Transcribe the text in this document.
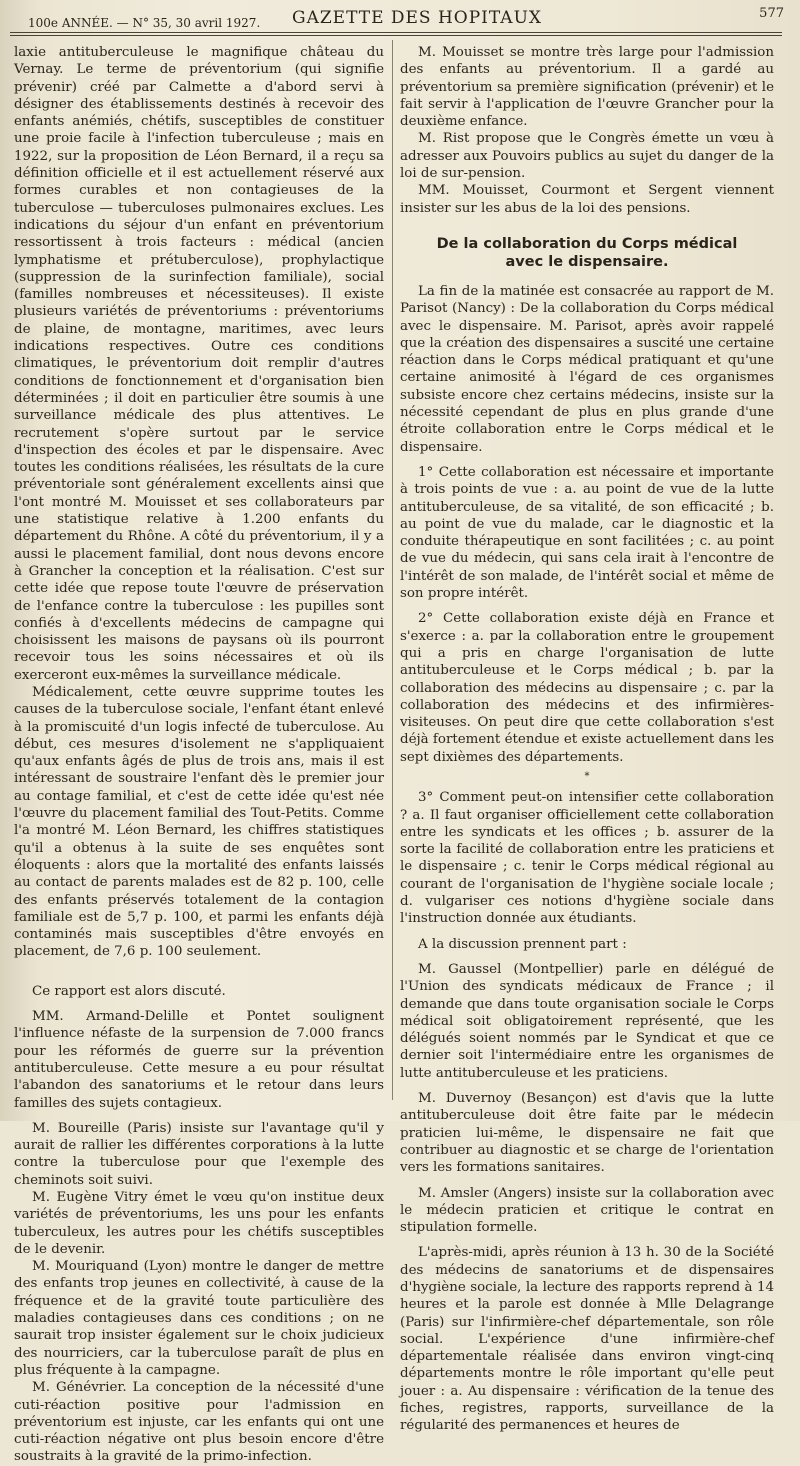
100e ANNÉE. — N° 35, 30 avril 1927. GAZETTE DES HOPITAUX	577

laxie antituberculeuse le magnifique château du Vernay. Le terme de préventorium (qui signifie prévenir) créé par Calmette a d'abord servi à désigner des établissements destinés à recevoir des enfants anémiés, chétifs, susceptibles de constituer une proie facile à l'infection tuberculeuse ; mais en 1922, sur la proposition de Léon Bernard, il a reçu sa définition officielle et il est actuellement réservé aux formes curables et non contagieuses de la tuberculose — tuberculoses pulmonaires exclues. Les indications du séjour d'un enfant en préventorium ressortissent à trois facteurs : médical (ancien lymphatisme et prétuberculose), prophylactique (suppression de la surinfection familiale), social (familles nombreuses et nécessiteuses). Il existe plusieurs variétés de préventoriums : préventoriums de plaine, de montagne, maritimes, avec leurs indications respectives. Outre ces conditions climatiques, le préventorium doit remplir d'autres conditions de fonctionnement et d'organisation bien déterminées ; il doit en particulier être soumis à une surveillance médicale des plus attentives. Le recrutement s'opère surtout par le service d'inspection des écoles et par le dispensaire. Avec toutes les conditions réalisées, les résultats de la cure préventoriale sont généralement excellents ainsi que l'ont montré M. Mouisset et ses collaborateurs par une statistique relative à 1.200 enfants du département du Rhône. A côté du préventorium, il y a aussi le placement familial, dont nous devons encore à Grancher la conception et la réalisation. C'est sur cette idée que repose toute l'œuvre de préservation de l'enfance contre la tuberculose : les pupilles sont confiés à d'excellents médecins de campagne qui choisissent les maisons de paysans où ils pourront recevoir tous les soins nécessaires et où ils exerceront eux-mêmes la surveillance médicale.

Médicalement, cette œuvre supprime toutes les causes de la tuberculose sociale, l'enfant étant enlevé à la promiscuité d'un logis infecté de tuberculose. Au début, ces mesures d'isolement ne s'appliquaient qu'aux enfants âgés de plus de trois ans, mais il est intéressant de soustraire l'enfant dès le premier jour au contage familial, et c'est de cette idée qu'est née l'œuvre du placement familial des Tout-Petits. Comme l'a montré M. Léon Bernard, les chiffres statistiques qu'il a obtenus à la suite de ses enquêtes sont éloquents : alors que la mortalité des enfants laissés au contact de parents malades est de 82 p. 100, celle des enfants préservés totalement de la contagion familiale est de 5,7 p. 100, et parmi les enfants déjà contaminés mais susceptibles d'être envoyés en placement, de 7,6 p. 100 seulement.

Ce rapport est alors discuté.

MM. Armand-Delille et Pontet soulignent l'influence néfaste de la surpension de 7.000 francs pour les réformés de guerre sur la prévention antituberculeuse. Cette mesure a eu pour résultat l'abandon des sanatoriums et le retour dans leurs familles des sujets contagieux.

M. Boureille (Paris) insiste sur l'avantage qu'il y aurait de rallier les différentes corporations à la lutte contre la tuberculose pour que l'exemple des cheminots soit suivi.

M. Eugène Vitry émet le vœu qu'on institue deux variétés de préventoriums, les uns pour les enfants tuberculeux, les autres pour les chétifs susceptibles de le devenir.

M. Mouriquand (Lyon) montre le danger de mettre des enfants trop jeunes en collectivité, à cause de la fréquence et de la gravité toute particulière des maladies contagieuses dans ces conditions ; on ne saurait trop insister également sur le choix judicieux des nourriciers, car la tuberculose paraît de plus en plus fréquente à la campagne.

M. Génévrier. La conception de la nécessité d'une cuti-réaction positive pour l'admission en préventorium est injuste, car les enfants qui ont une cuti-réaction négative ont plus besoin encore d'être soustraits à la gravité de la primo-infection.

M. Mouisset se montre très large pour l'admission des enfants au préventorium. Il a gardé au préventorium sa première signification (prévenir) et le fait servir à l'application de l'œuvre Grancher pour la deuxième enfance.

M. Rist propose que le Congrès émette un vœu à adresser aux Pouvoirs publics au sujet du danger de la loi de sur-pension.

MM. Mouisset, Courmont et Sergent viennent insister sur les abus de la loi des pensions.

De la collaboration du Corps médical
avec le dispensaire.

La fin de la matinée est consacrée au rapport de M. Parisot (Nancy) : De la collaboration du Corps médical avec le dispensaire. M. Parisot, après avoir rappelé que la création des dispensaires a suscité une certaine réaction dans le Corps médical pratiquant et qu'une certaine animosité à l'égard de ces organismes subsiste encore chez certains médecins, insiste sur la nécessité cependant de plus en plus grande d'une étroite collaboration entre le Corps médical et le dispensaire.

1° Cette collaboration est nécessaire et importante à trois points de vue : a. au point de vue de la lutte antituberculeuse, de sa vitalité, de son efficacité ; b. au point de vue du malade, car le diagnostic et la conduite thérapeutique en sont facilitées ; c. au point de vue du médecin, qui sans cela irait à l'encontre de l'intérêt de son malade, de l'intérêt social et même de son propre intérêt.

2° Cette collaboration existe déjà en France et s'exerce : a. par la collaboration entre le groupement qui a pris en charge l'organisation de lutte antituberculeuse et le Corps médical ; b. par la collaboration des médecins au dispensaire ; c. par la collaboration des médecins et des infirmières-visiteuses. On peut dire que cette collaboration s'est déjà fortement étendue et existe actuellement dans les sept dixièmes des départements.

*

3° Comment peut-on intensifier cette collaboration ? a. Il faut organiser officiellement cette collaboration entre les syndicats et les offices ; b. assurer de la sorte la facilité de collaboration entre les praticiens et le dispensaire ; c. tenir le Corps médical régional au courant de l'organisation de l'hygiène sociale locale ; d. vulgariser ces notions d'hygiène sociale dans l'instruction donnée aux étudiants.

A la discussion prennent part :

M. Gaussel (Montpellier) parle en délégué de l'Union des syndicats médicaux de France ; il demande que dans toute organisation sociale le Corps médical soit obligatoirement représenté, que les délégués soient nommés par le Syndicat et que ce dernier soit l'intermédiaire entre les organismes de lutte antituberculeuse et les praticiens.

M. Duvernoy (Besançon) est d'avis que la lutte antituberculeuse doit être faite par le médecin praticien lui-même, le dispensaire ne fait que contribuer au diagnostic et se charge de l'orientation vers les formations sanitaires.

M. Amsler (Angers) insiste sur la collaboration avec le médecin praticien et critique le contrat en stipulation formelle.

L'après-midi, après réunion à 13 h. 30 de la Société des médecins de sanatoriums et de dispensaires d'hygiène sociale, la lecture des rapports reprend à 14 heures et la parole est donnée à Mlle Delagrange (Paris) sur l'infirmière-chef départementale, son rôle social. L'expérience d'une infirmière-chef départementale réalisée dans environ vingt-cinq départements montre le rôle important qu'elle peut jouer : a. Au dispensaire : vérification de la tenue des fiches, registres, rapports, surveillance de la régularité des permanences et heures de
